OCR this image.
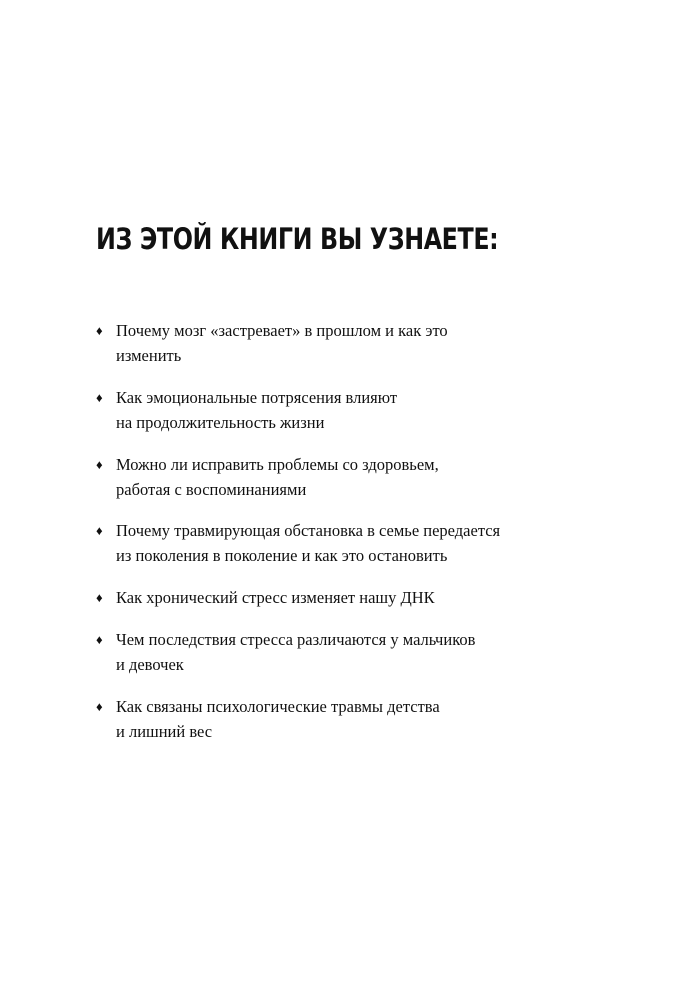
ИЗ ЭТОЙ КНИГИ ВЫ УЗНАЕТЕ:
♦ Почему мозг «застревает» в прошлом и как это
изменить
♦ Как эмоциональные потрясения влияют
на продолжительность жизни
♦ Можно ли исправить проблемы со здоровьем,
работая с воспоминаниями
♦ Почему травмирующая обстановка в семье передается
из поколения в поколение и как это остановить
♦ Как хронический стресс изменяет нашу ДНК
♦ Чем последствия стресса различаются у мальчиков
и девочек
♦ Как связаны психологические травмы детства
и лишний вес
